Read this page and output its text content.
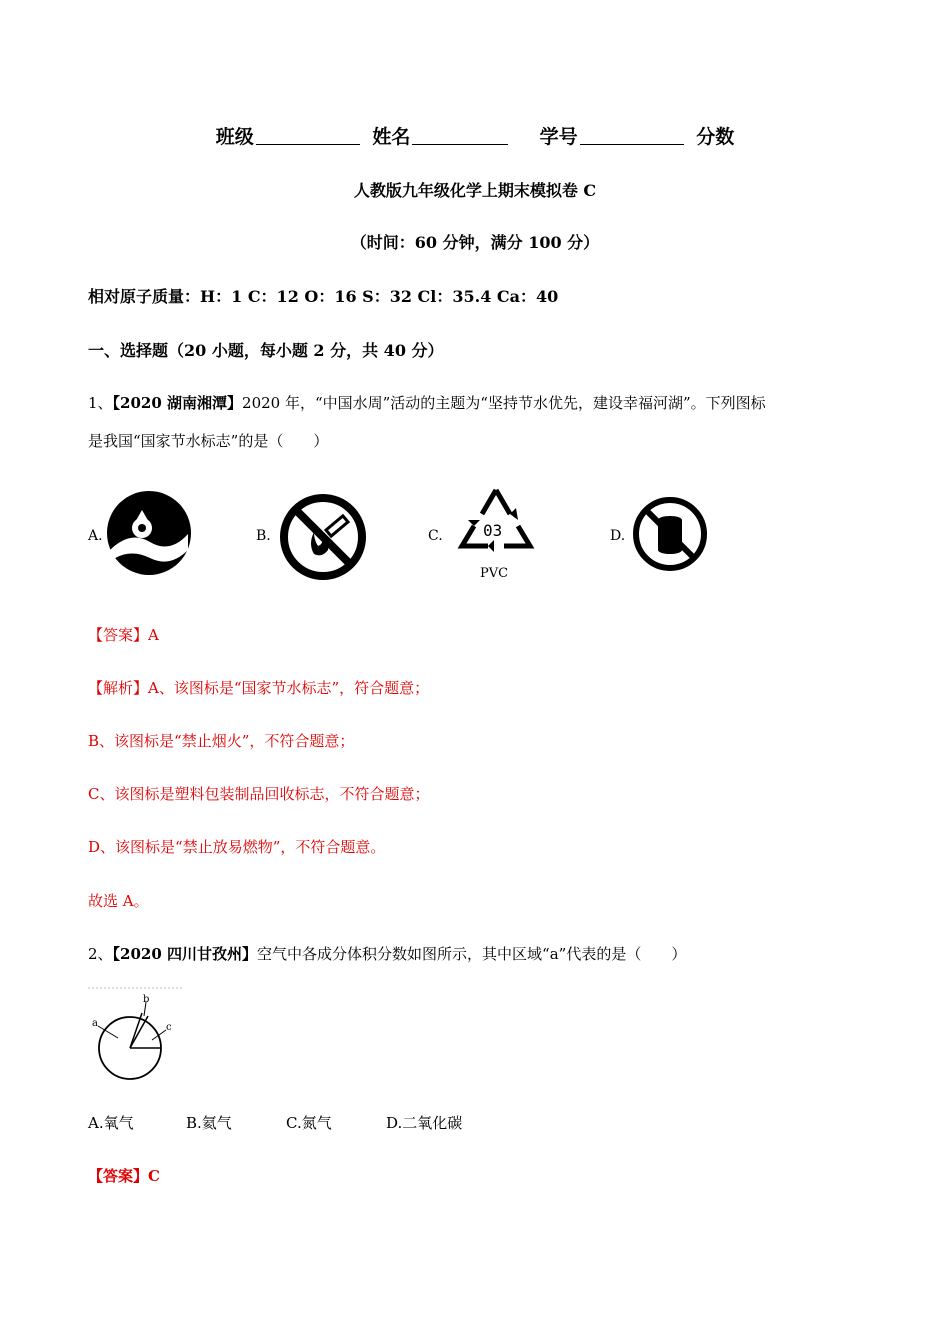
班级	姓名	学号	分数
人教版九年级化学上期末模拟卷 C
（时间：60 分钟，满分 100 分）
相对原子质量：H：1 C：12 O：16 S：32 Cl：35.4 Ca：40
一、选择题（20 小题，每小题 2 分，共 40 分）
1、【2020 湖南湘潭】2020 年，“中国水周”活动的主题为“坚持节水优先，建设幸福河湖”。下列图标
是我国“国家节水标志”的是（　　）
A.	B.	C.	03
PVC
D.
【答案】A
【解析】A、该图标是“国家节水标志”，符合题意；
B、该图标是“禁止烟火”，不符合题意；
C、该图标是塑料包装制品回收标志，不符合题意；
D、该图标是“禁止放易燃物”，不符合题意。
故选 A。
2、【2020 四川甘孜州】空气中各成分体积分数如图所示，其中区域“a”代表的是（　　）
a
b
c
A.氧气	B.氦气	C.氮气	D.二氧化碳
【答案】C
